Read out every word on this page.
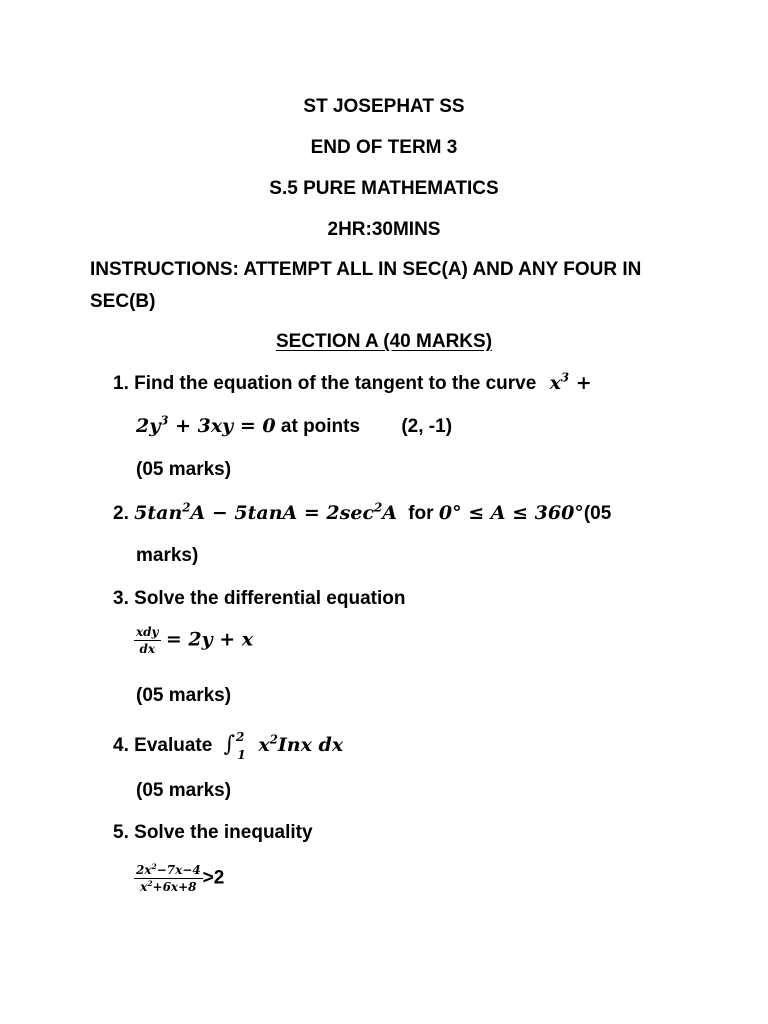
ST JOSEPHAT SS
END OF TERM 3
S.5 PURE MATHEMATICS
2HR:30MINS
INSTRUCTIONS: ATTEMPT ALL IN SEC(A) AND ANY FOUR IN
SEC(B)
SECTION A (40 MARKS)
1. Find the equation of the tangent to the curve $x^3$ +
$2y^3 + 3xy = 0$ at points (2, -1)
(05 marks)
2. $5\tan^2A - 5\tan A = 2\sec^2A$ for 0° ≤ A ≤ 360°(05
marks)
3. Solve the differential equation
$\frac{\text{xdy}}{dx} = 2y + x$
(05 marks)
4. Evaluate ∫$^2_1$ $x^2Inx$ dx
(05 marks)
5. Solve the inequality
$\frac{2x^2-7x-4}{x^2+6x+8} >2$
